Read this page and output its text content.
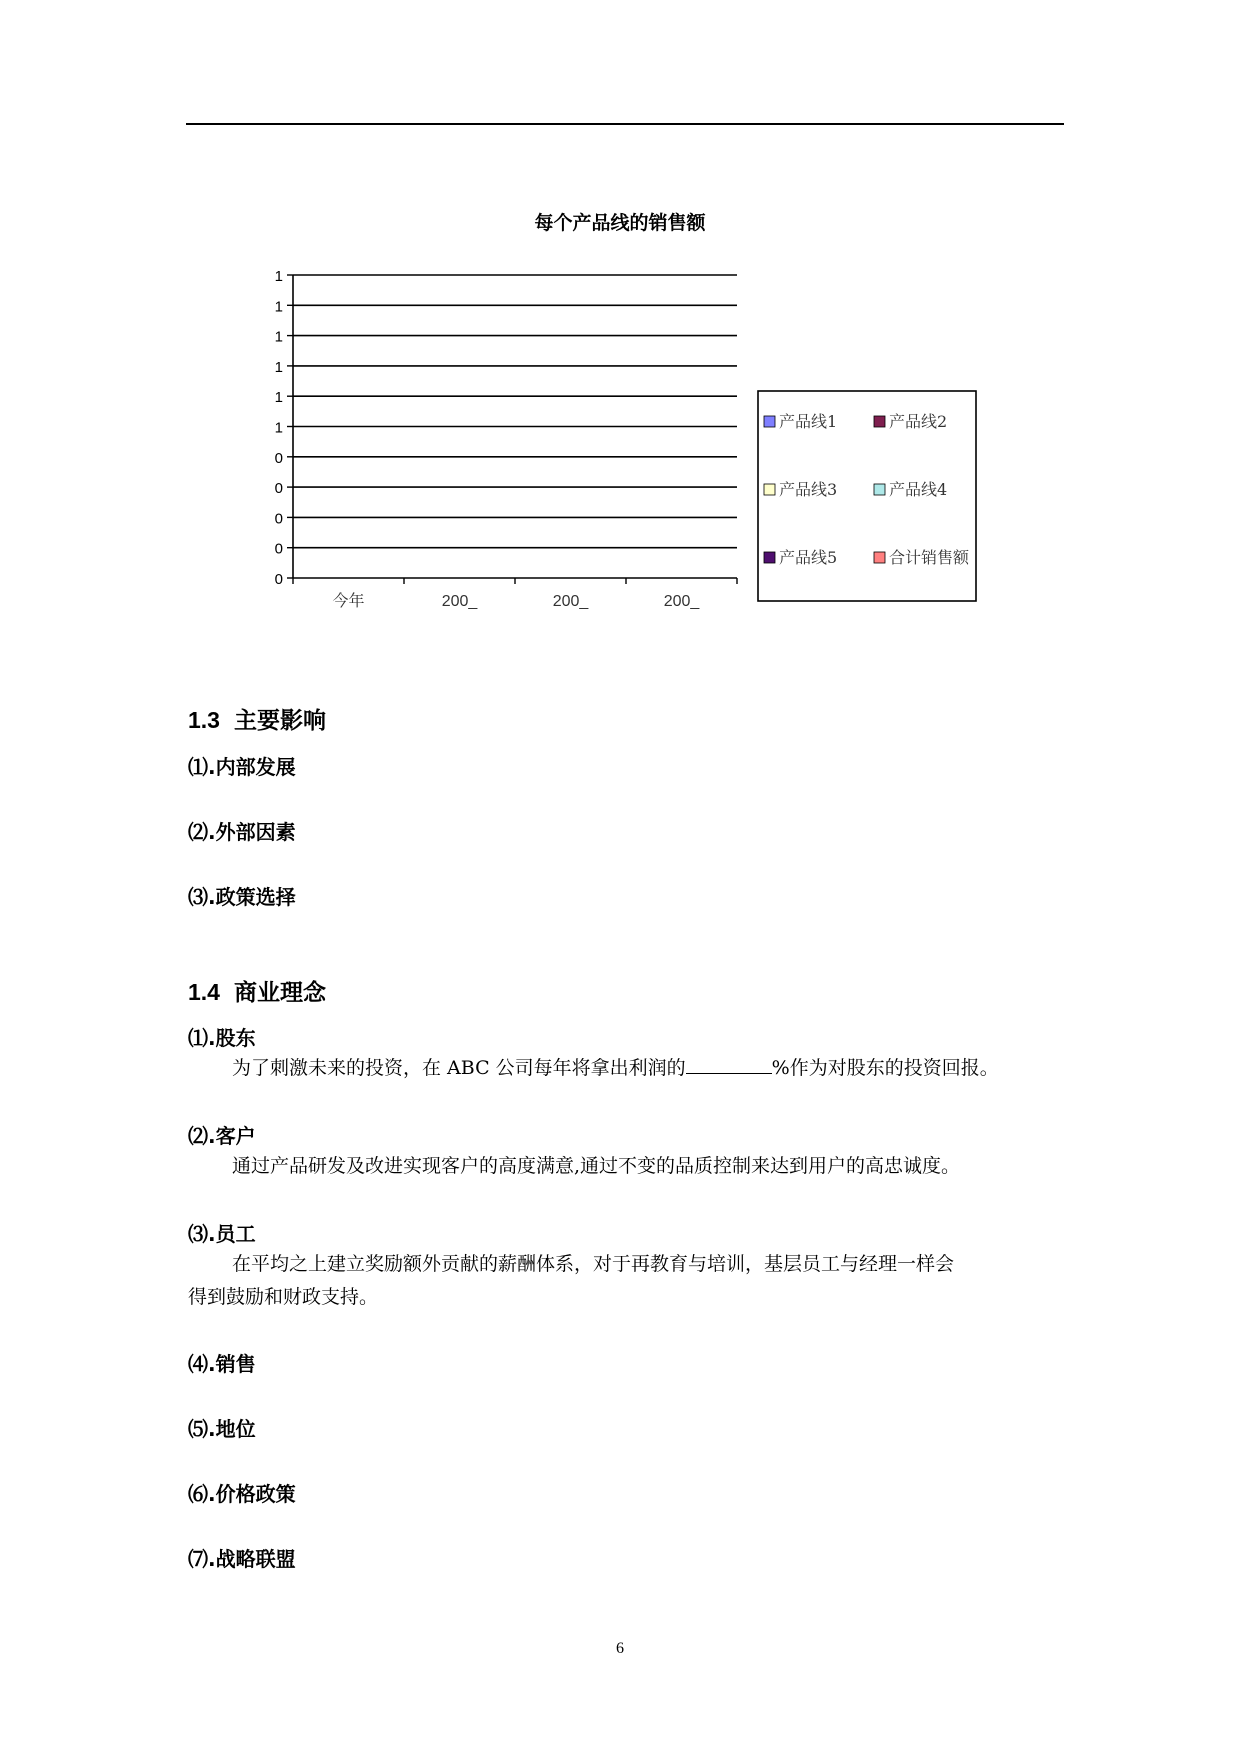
每个产品线的销售额
0
0
0
0
0
1
1
1
1
1
1
今年	200_	200_	200_
产品线1	产品线2
产品线3	产品线4
产品线5	合计销售额
1.3 主要影响
⑴.内部发展
⑵.外部因素
⑶.政策选择
1.4 商业理念
⑴.股东
为了刺激未来的投资，在 ABC 公司每年将拿出利润的	%作为对股东的投资回报。
⑵.客户
通过产品研发及改进实现客户的高度满意,通过不变的品质控制来达到用户的高忠诚度。
⑶.员工
在平均之上建立奖励额外贡献的薪酬体系，对于再教育与培训，基层员工与经理一样会
得到鼓励和财政支持。
⑷.销售
⑸.地位
⑹.价格政策
⑺.战略联盟
6
